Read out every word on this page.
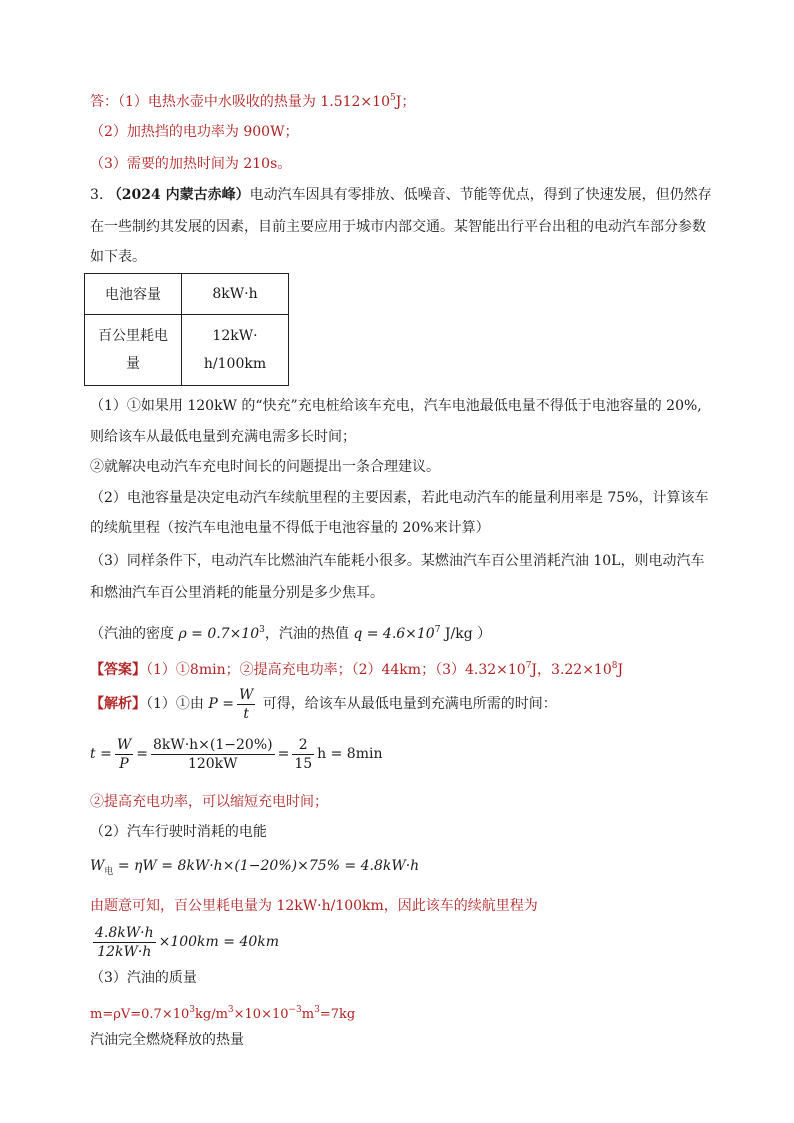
答：（1）电热水壶中水吸收的热量为 $1.512\times 10^5J$；
（2）加热挡的电功率为 900W；
（3）需要的加热时间为 210s。
3. （2024 内蒙古赤峰）电动汽车因具有零排放、低噪音、节能等优点，得到了快速发展，但仍然存
在一些制约其发展的因素，目前主要应用于城市内部交通。某智能出行平台出租的电动汽车部分参数
如下表。
电池容量	8kW·h
百公里耗电
量	12kW·
h/100km
（1）①如果用 120kW 的“快充”充电桩给该车充电，汽车电池最低电量不得低于电池容量的 20%,
则给该车从最低电量到充满电需多长时间；
②就解决电动汽车充电时间长的问题提出一条合理建议。
（2）电池容量是决定电动汽车续航里程的主要因素，若此电动汽车的能量利用率是 75%，计算该车
的续航里程（按汽车电池电量不得低于电池容量的 20%来计算）
（3）同样条件下，电动汽车比燃油汽车能耗小很多。某燃油汽车百公里消耗汽油 10L，则电动汽车
和燃油汽车百公里消耗的能量分别是多少焦耳。
（汽油的密度 $\rho = 0.7\times 10^3$，汽油的热值 $q = 4.6\times 10^7$ J/kg ）
【答案】（1）①8min；②提高充电功率；（2）44km；$(3)4.32\times 10^7J$，$3.22\times 10^8J$
【解析】（1）①由 $P = \frac{W}{t}$ 可得，给该车从最低电量到充满电所需的时间：
$t = \frac{W}{P} = \frac{8kW\cdot h\times(1-20\%)}{120kW} = \frac{2}{15}$ h = 8min
②提高充电功率，可以缩短充电时间；
（2）汽车行驶时消耗的电能
$W_电 = \eta W = 8kW\cdot h\times(1-20\%)\times 75\% = 4.8kW\cdot h$
由题意可知，百公里耗电量为 12kW·h/100km，因此该车的续航里程为
$\frac{4.8kW\cdot h}{12kW\cdot h} \times 100km = 40km$
（3）汽油的质量
$m=\rho V=0.7\times 10^3kg/m^3\times 10\times 10^{-3}m^3=7kg$
汽油完全燃烧释放的热量
